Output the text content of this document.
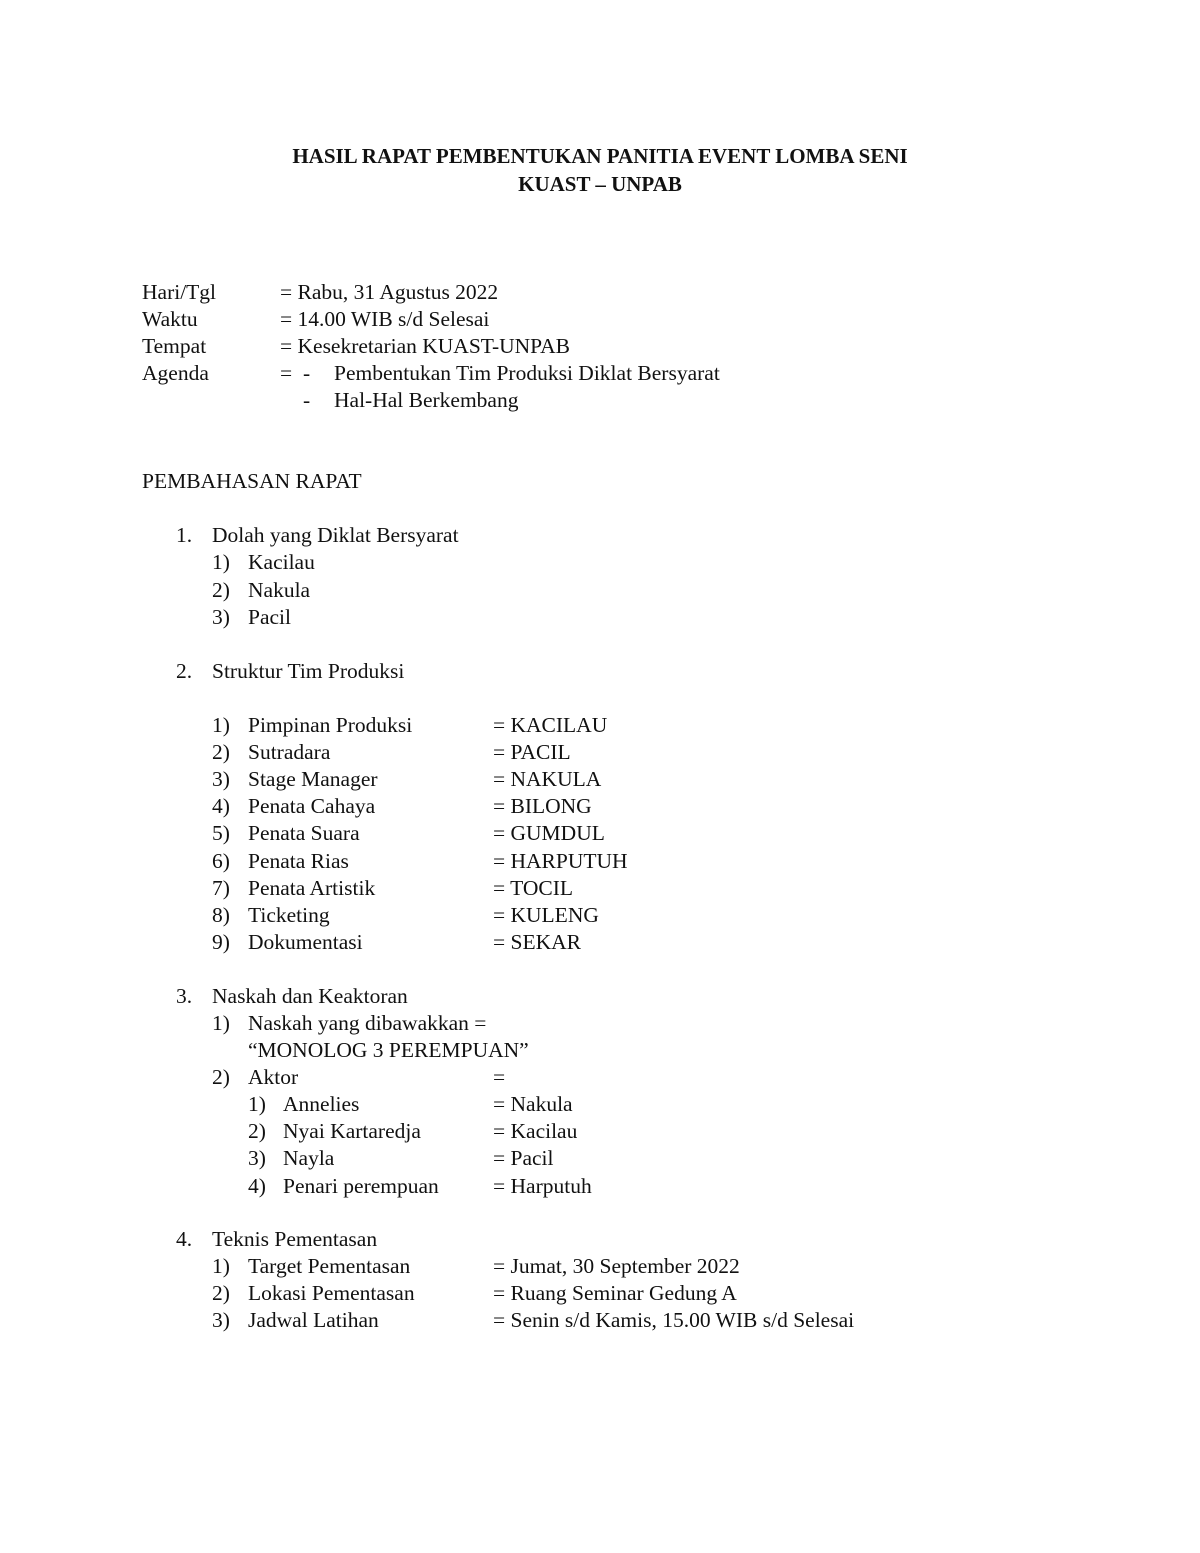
HASIL RAPAT PEMBENTUKAN PANITIA EVENT LOMBA SENI
KUAST – UNPAB
Hari/Tgl	= Rabu, 31 Agustus 2022
Waktu	= 14.00 WIB s/d Selesai
Tempat	= Kesekretarian KUAST-UNPAB
Agenda	= - Pembentukan Tim Produksi Diklat Bersyarat
- Hal-Hal Berkembang
PEMBAHASAN RAPAT
1. Dolah yang Diklat Bersyarat
1) Kacilau
2) Nakula
3) Pacil
2. Struktur Tim Produksi
1) Pimpinan Produksi	= KACILAU
2) Sutradara	= PACIL
3) Stage Manager	= NAKULA
4) Penata Cahaya	= BILONG
5) Penata Suara	= GUMDUL
6) Penata Rias	= HARPUTUH
7) Penata Artistik	= TOCIL
8) Ticketing	= KULENG
9) Dokumentasi	= SEKAR
3. Naskah dan Keaktoran
1) Naskah yang dibawakkan =
“MONOLOG 3 PEREMPUAN”
2) Aktor	=
1) Annelies	= Nakula
2) Nyai Kartaredja	= Kacilau
3) Nayla	= Pacil
4) Penari perempuan	= Harputuh
4. Teknis Pementasan
1) Target Pementasan	= Jumat, 30 September 2022
2) Lokasi Pementasan	= Ruang Seminar Gedung A
3) Jadwal Latihan	= Senin s/d Kamis, 15.00 WIB s/d Selesai
